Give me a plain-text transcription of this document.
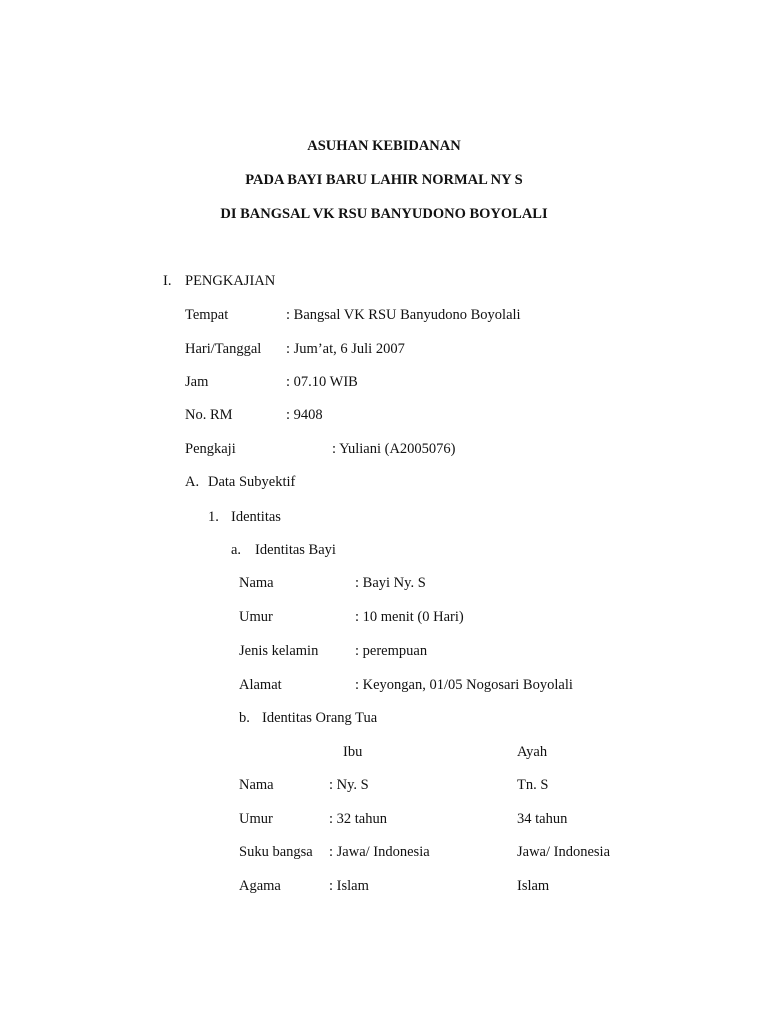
ASUHAN KEBIDANAN

PADA BAYI BARU LAHIR NORMAL NY S

DI BANGSAL VK RSU BANYUDONO BOYOLALI

I. PENGKAJIAN
Tempat	: Bangsal VK RSU Banyudono Boyolali
Hari/Tanggal : Jum’at, 6 Juli 2007
Jam	: 07.10 WIB
No. RM	: 9408
Pengkaji	: Yuliani (A2005076)
A. Data Subyektif
1. Identitas
a. Identitas Bayi
Nama	: Bayi Ny. S
Umur	: 10 menit (0 Hari)
Jenis kelamin	: perempuan
Alamat	: Keyongan, 01/05 Nogosari Boyolali
b. Identitas Orang Tua
Ibu	Ayah
Nama	: Ny. S	Tn. S
Umur	: 32 tahun	34 tahun
Suku bangsa : Jawa/ Indonesia	Jawa/ Indonesia
Agama	: Islam	Islam
